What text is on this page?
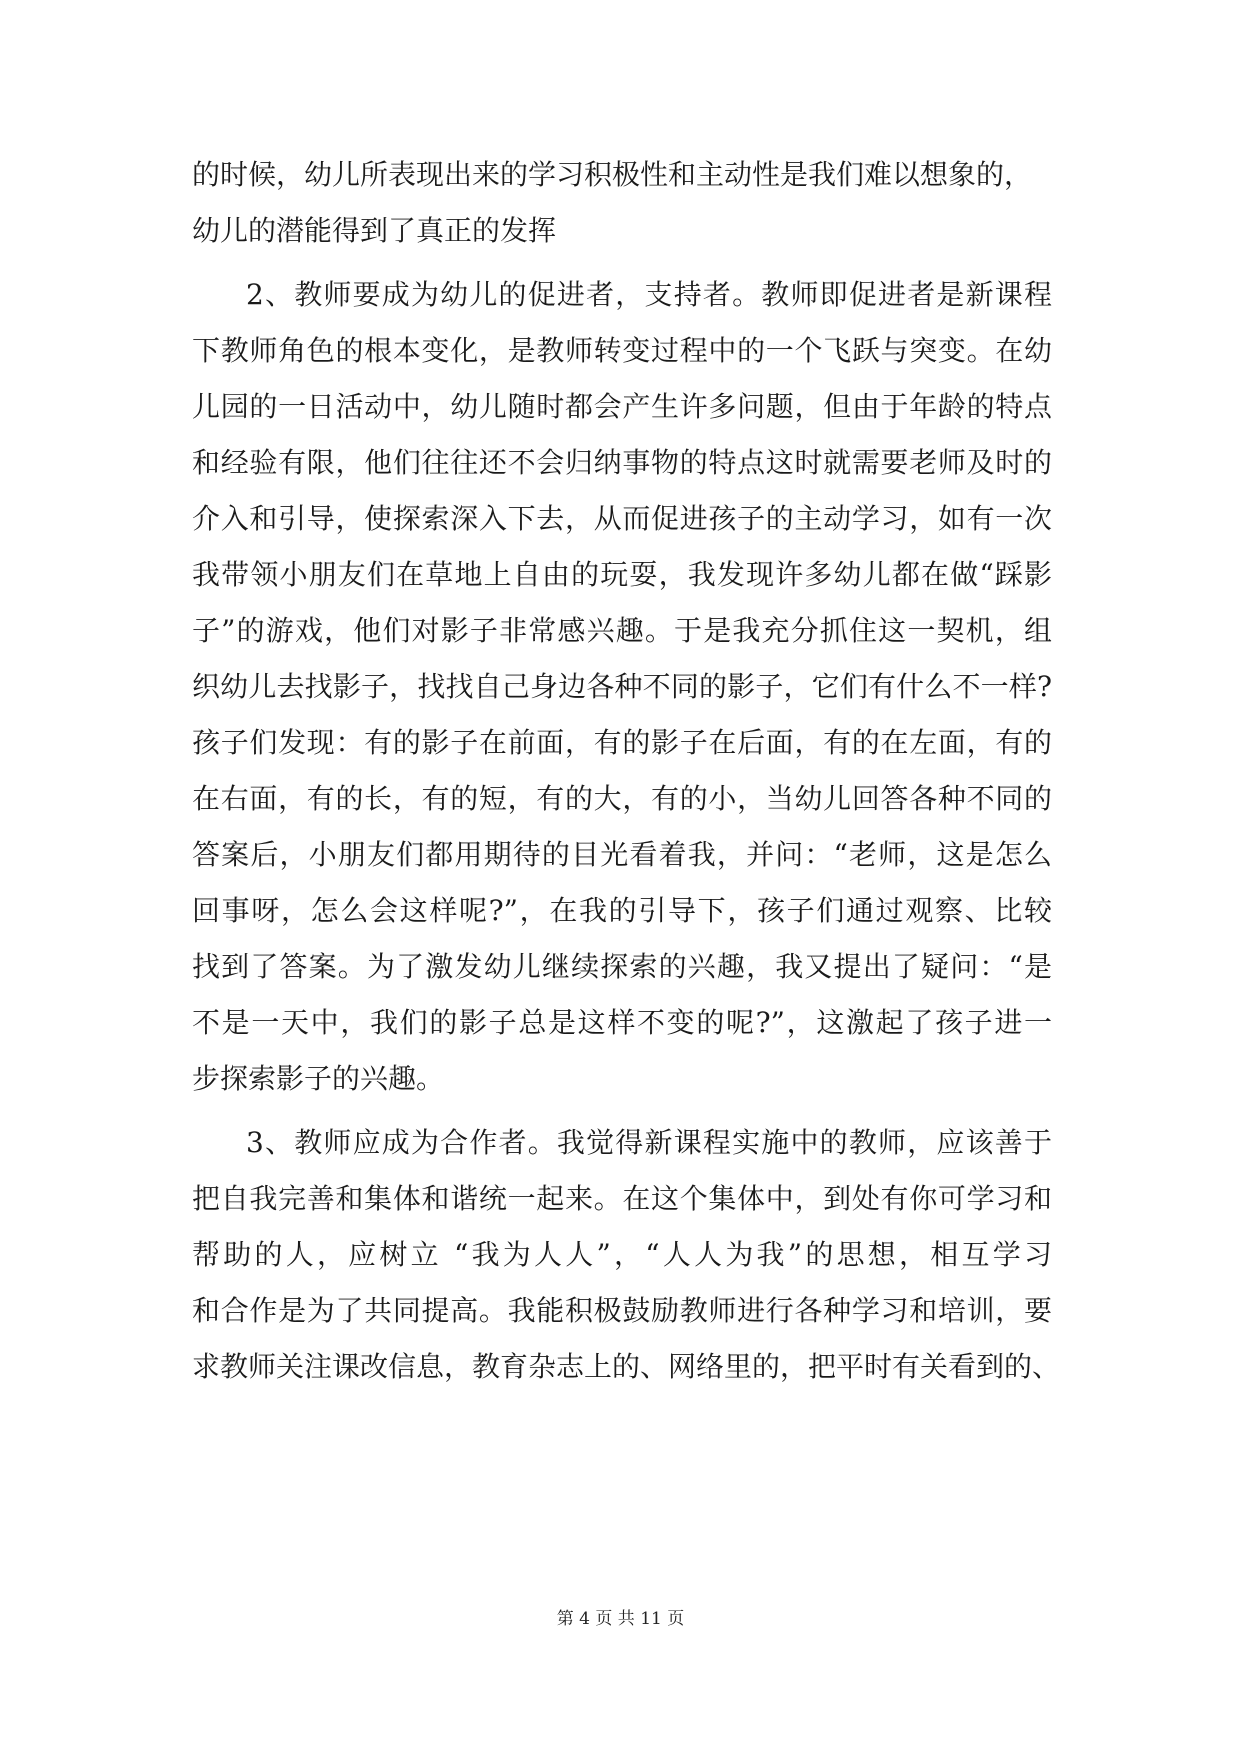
的时候，幼儿所表现出来的学习积极性和主动性是我们难以想象的，
幼儿的潜能得到了真正的发挥
2、教师要成为幼儿的促进者，支持者。教师即促进者是新课程
下教师角色的根本变化，是教师转变过程中的一个飞跃与突变。在幼
儿园的一日活动中，幼儿随时都会产生许多问题，但由于年龄的特点
和经验有限，他们往往还不会归纳事物的特点这时就需要老师及时的
介入和引导，使探索深入下去，从而促进孩子的主动学习，如有一次
我带领小朋友们在草地上自由的玩耍，我发现许多幼儿都在做“踩影
子”的游戏，他们对影子非常感兴趣。于是我充分抓住这一契机，组
织幼儿去找影子，找找自己身边各种不同的影子，它们有什么不一样?
孩子们发现：有的影子在前面，有的影子在后面，有的在左面，有的
在右面，有的长，有的短，有的大，有的小，当幼儿回答各种不同的
答案后，小朋友们都用期待的目光看着我，并问：“老师，这是怎么
回事呀，怎么会这样呢?”，在我的引导下，孩子们通过观察、比较
找到了答案。为了激发幼儿继续探索的兴趣，我又提出了疑问：“是
不是一天中，我们的影子总是这样不变的呢?”，这激起了孩子进一
步探索影子的兴趣。
3、教师应成为合作者。我觉得新课程实施中的教师，应该善于
把自我完善和集体和谐统一起来。在这个集体中，到处有你可学习和
帮助的人，应树立 “我为人人”，“人人为我”的思想，相互学习
和合作是为了共同提高。我能积极鼓励教师进行各种学习和培训，要
求教师关注课改信息，教育杂志上的、网络里的，把平时有关看到的、
第 4 页 共 11 页
